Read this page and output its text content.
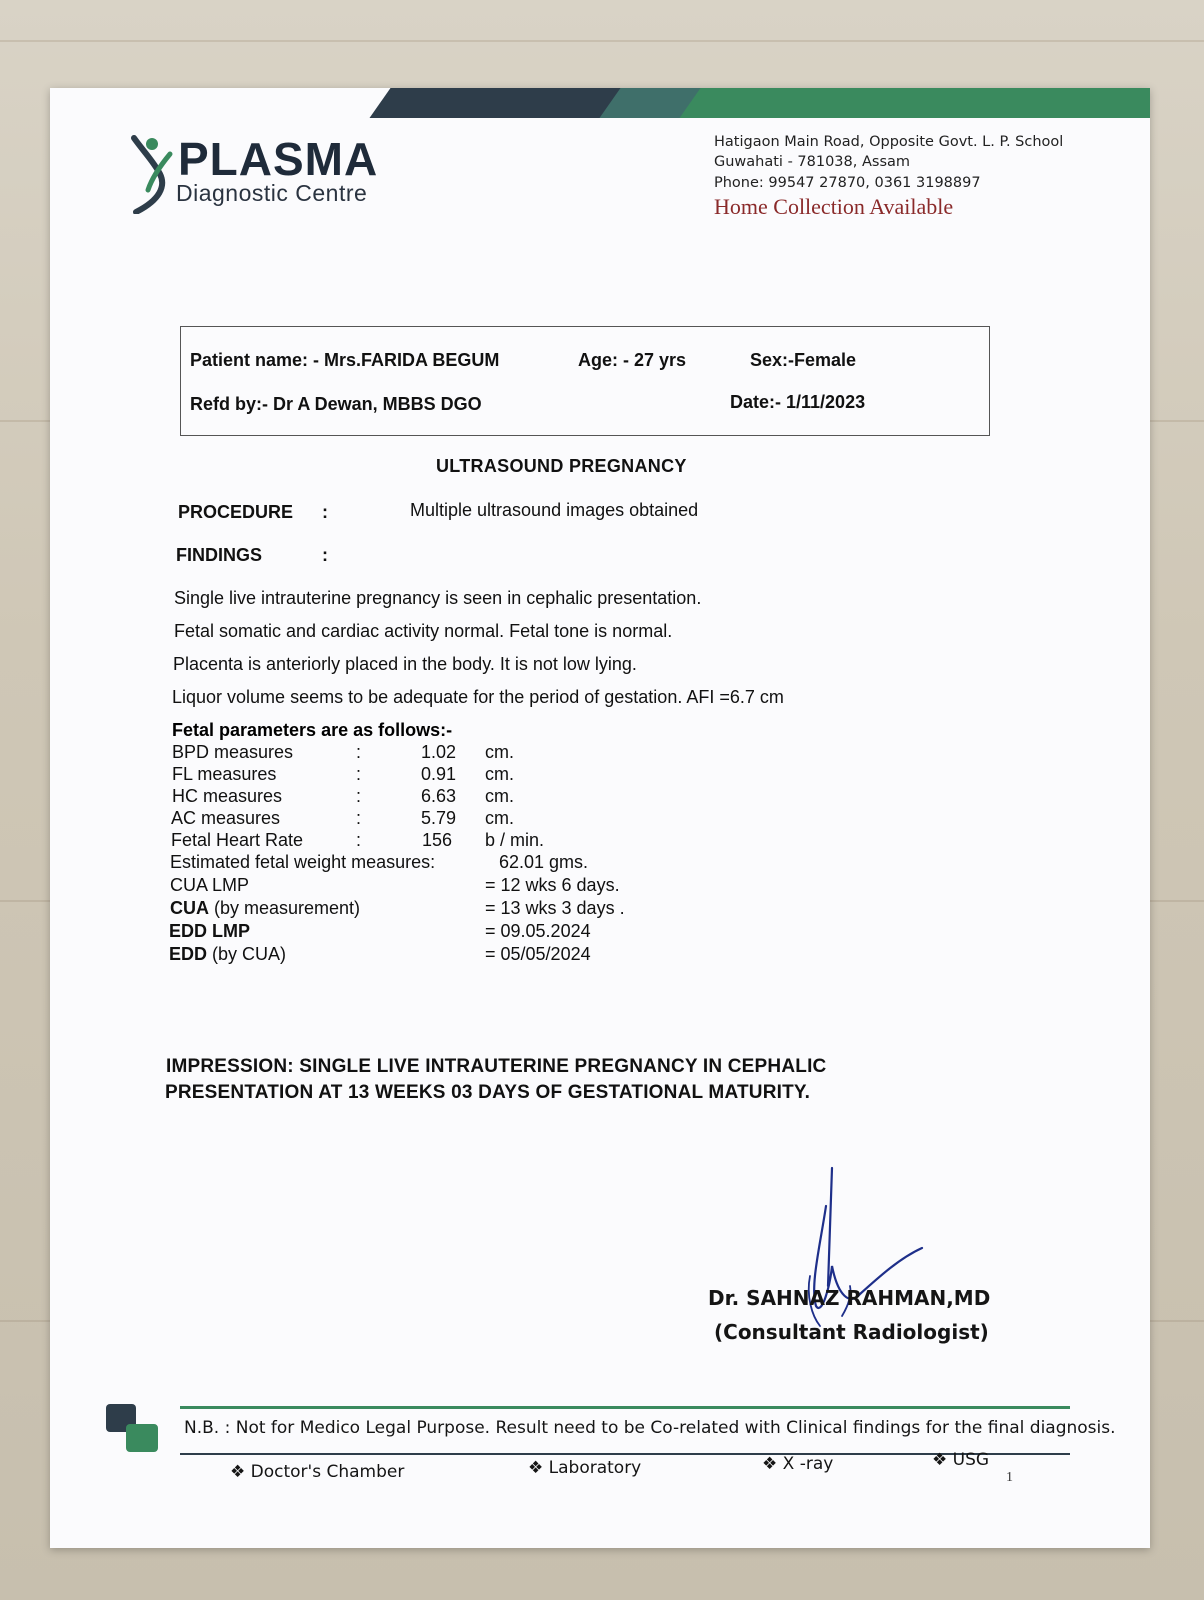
PLASMA
Diagnostic Centre
Hatigaon Main Road, Opposite Govt. L. P. School
Guwahati - 781038, Assam
Phone: 99547 27870, 0361 3198897
Home Collection Available
Patient name: - Mrs.FARIDA BEGUM	Age: - 27 yrs	Sex:-Female
Refd by:- Dr A Dewan, MBBS DGO	Date:- 1/11/2023
ULTRASOUND PREGNANCY
PROCEDURE :	Multiple ultrasound images obtained
FINDINGS	:
Single live intrauterine pregnancy is seen in cephalic presentation.
Fetal somatic and cardiac activity normal. Fetal tone is normal.
Placenta is anteriorly placed in the body. It is not low lying.
Liquor volume seems to be adequate for the period of gestation. AFI =6.7 cm
Fetal parameters are as follows:-
BPD measures	:	1.02 cm.
FL measures	:	0.91 cm.
HC measures	:	6.63 cm.
AC measures	:	5.79 cm.
Fetal Heart Rate	:	156 b / min.
Estimated fetal weight measures:	62.01 gms.
CUA LMP	= 12 wks 6 days.
CUA (by measurement)	= 13 wks 3 days .
EDD LMP	= 09.05.2024
EDD (by CUA)	= 05/05/2024
IMPRESSION: SINGLE LIVE INTRAUTERINE PREGNANCY IN CEPHALIC
PRESENTATION AT 13 WEEKS 03 DAYS OF GESTATIONAL MATURITY.
Dr. SAHNAZ RAHMAN,MD
(Consultant Radiologist)
N.B. : Not for Medico Legal Purpose. Result need to be Co-related with Clinical findings for the final diagnosis.
❖ Doctor's Chamber	❖ Laboratory	❖ X -ray	❖ USG
1
